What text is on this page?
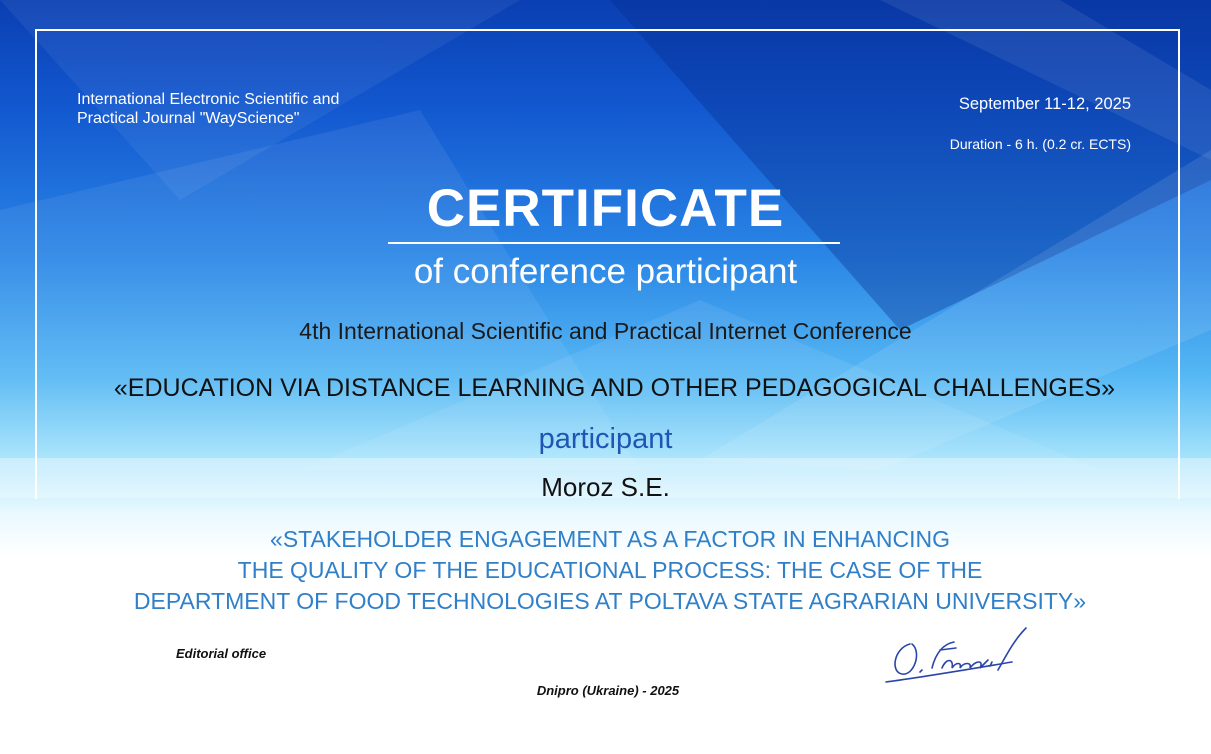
International Electronic Scientific and
Practical Journal "WayScience"
September 11-12, 2025
Duration - 6 h. (0.2 cr. ECTS)
CERTIFICATE
of conference participant
4th International Scientific and Practical Internet Conference
«EDUCATION VIA DISTANCE LEARNING AND OTHER PEDAGOGICAL CHALLENGES»
participant
Moroz S.E.
«STAKEHOLDER ENGAGEMENT AS A FACTOR IN ENHANCING
THE QUALITY OF THE EDUCATIONAL PROCESS: THE CASE OF THE
DEPARTMENT OF FOOD TECHNOLOGIES AT POLTAVA STATE AGRARIAN UNIVERSITY»
Editorial office
Dnipro (Ukraine) - 2025
